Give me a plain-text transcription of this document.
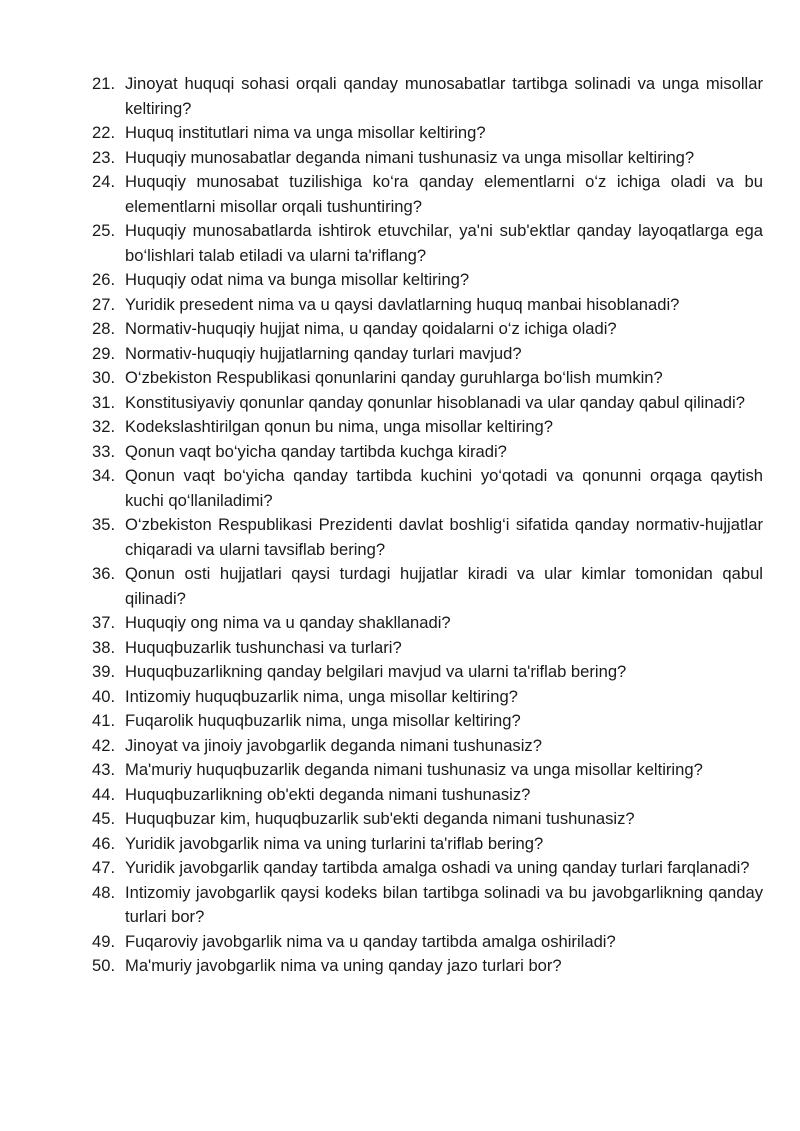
21. Jinoyat huquqi sohasi orqali qanday munosabatlar tartibga solinadi va unga misollar keltiring?
22. Huquq institutlari nima va unga misollar keltiring?
23. Huquqiy munosabatlar deganda nimani tushunasiz va unga misollar keltiring?
24. Huquqiy munosabat tuzilishiga ko‘ra qanday elementlarni o‘z ichiga oladi va bu elementlarni misollar orqali tushuntiring?
25. Huquqiy munosabatlarda ishtirok etuvchilar, ya'ni sub'ektlar qanday layoqatlarga ega bo‘lishlari talab etiladi va ularni ta'riflang?
26. Huquqiy odat nima va bunga misollar keltiring?
27. Yuridik presedent nima va u qaysi davlatlarning huquq manbai hisoblanadi?
28. Normativ-huquqiy hujjat nima, u qanday qoidalarni o‘z ichiga oladi?
29. Normativ-huquqiy hujjatlarning qanday turlari mavjud?
30. O‘zbekiston Respublikasi qonunlarini qanday guruhlarga bo‘lish mumkin?
31. Konstitusiyaviy qonunlar qanday qonunlar hisoblanadi va ular qanday qabul qilinadi?
32. Kodekslashtirilgan qonun bu nima, unga misollar keltiring?
33. Qonun vaqt bo‘yicha qanday tartibda kuchga kiradi?
34. Qonun vaqt bo‘yicha qanday tartibda kuchini yo‘qotadi va qonunni orqaga qaytish kuchi qo‘llaniladimi?
35. O‘zbekiston Respublikasi Prezidenti davlat boshlig‘i sifatida qanday normativ-hujjatlar chiqaradi va ularni tavsiflab bering?
36. Qonun osti hujjatlari qaysi turdagi hujjatlar kiradi va ular kimlar tomonidan qabul qilinadi?
37. Huquqiy ong nima va u qanday shakllanadi?
38. Huquqbuzarlik tushunchasi va turlari?
39. Huquqbuzarlikning qanday belgilari mavjud va ularni ta'riflab bering?
40. Intizomiy huquqbuzarlik nima, unga misollar keltiring?
41. Fuqarolik huquqbuzarlik nima, unga misollar keltiring?
42. Jinoyat va jinoiy javobgarlik deganda nimani tushunasiz?
43. Ma'muriy huquqbuzarlik deganda nimani tushunasiz va unga misollar keltiring?
44. Huquqbuzarlikning ob'ekti deganda nimani tushunasiz?
45. Huquqbuzar kim, huquqbuzarlik sub'ekti deganda nimani tushunasiz?
46. Yuridik javobgarlik nima va uning turlarini ta'riflab bering?
47. Yuridik javobgarlik qanday tartibda amalga oshadi va uning qanday turlari farqlanadi?
48. Intizomiy javobgarlik qaysi kodeks bilan tartibga solinadi va bu javobgarlikning qanday turlari bor?
49. Fuqaroviy javobgarlik nima va u qanday tartibda amalga oshiriladi?
50. Ma'muriy javobgarlik nima va uning qanday jazo turlari bor?
